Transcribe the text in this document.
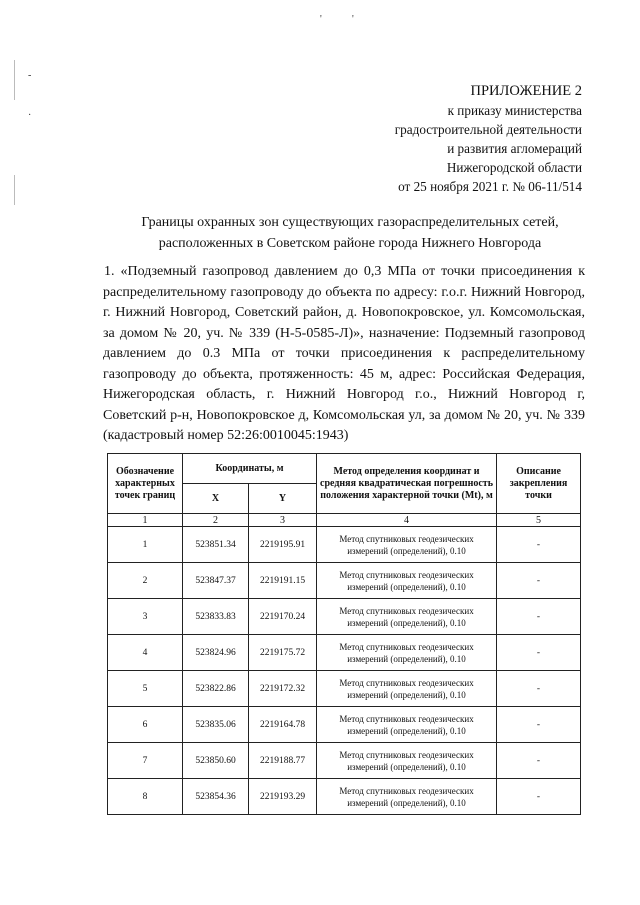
'	'
-
·
ПРИЛОЖЕНИЕ 2
к приказу министерства
градостроительной деятельности
и развития агломераций
Нижегородской области
от 25 ноября 2021 г. № 06-11/514
Границы охранных зон существующих газораспределительных сетей,
расположенных в Советском районе города Нижнего Новгорода
1. «Подземный газопровод давлением до 0,3 МПа от точки присоединения к распределительному газопроводу до объекта по адресу: г.о.г. Нижний Новгород, г. Нижний Новгород, Советский район, д. Новопокровское, ул. Комсомольская, за домом № 20, уч. № 339 (Н-5-0585-Л)», назначение: Подземный газопровод давлением до 0.3 МПа от точки присоединения к распределительному газопроводу до объекта, протяженность: 45 м, адрес: Российская Федерация, Нижегородская область, г. Нижний Новгород г.о., Нижний Новгород г, Советский р-н, Новопокровское д, Комсомольская ул, за домом № 20, уч. № 339 (кадастровый номер 52:26:0010045:1943)
Обозначение характерных точек границ	Координаты, м		Метод определения координат и средняя квадратическая погрешность положения характерной точки (Mt), м	Описание закрепления точки
	X	Y		
1	2	3	4	5
1	523851.34	2219195.91	Метод спутниковых геодезических измерений (определений), 0.10	-
2	523847.37	2219191.15	Метод спутниковых геодезических измерений (определений), 0.10	-
3	523833.83	2219170.24	Метод спутниковых геодезических измерений (определений), 0.10	-
4	523824.96	2219175.72	Метод спутниковых геодезических измерений (определений), 0.10	-
5	523822.86	2219172.32	Метод спутниковых геодезических измерений (определений), 0.10	-
6	523835.06	2219164.78	Метод спутниковых геодезических измерений (определений), 0.10	-
7	523850.60	2219188.77	Метод спутниковых геодезических измерений (определений), 0.10	-
8	523854.36	2219193.29	Метод спутниковых геодезических измерений (определений), 0.10	-
